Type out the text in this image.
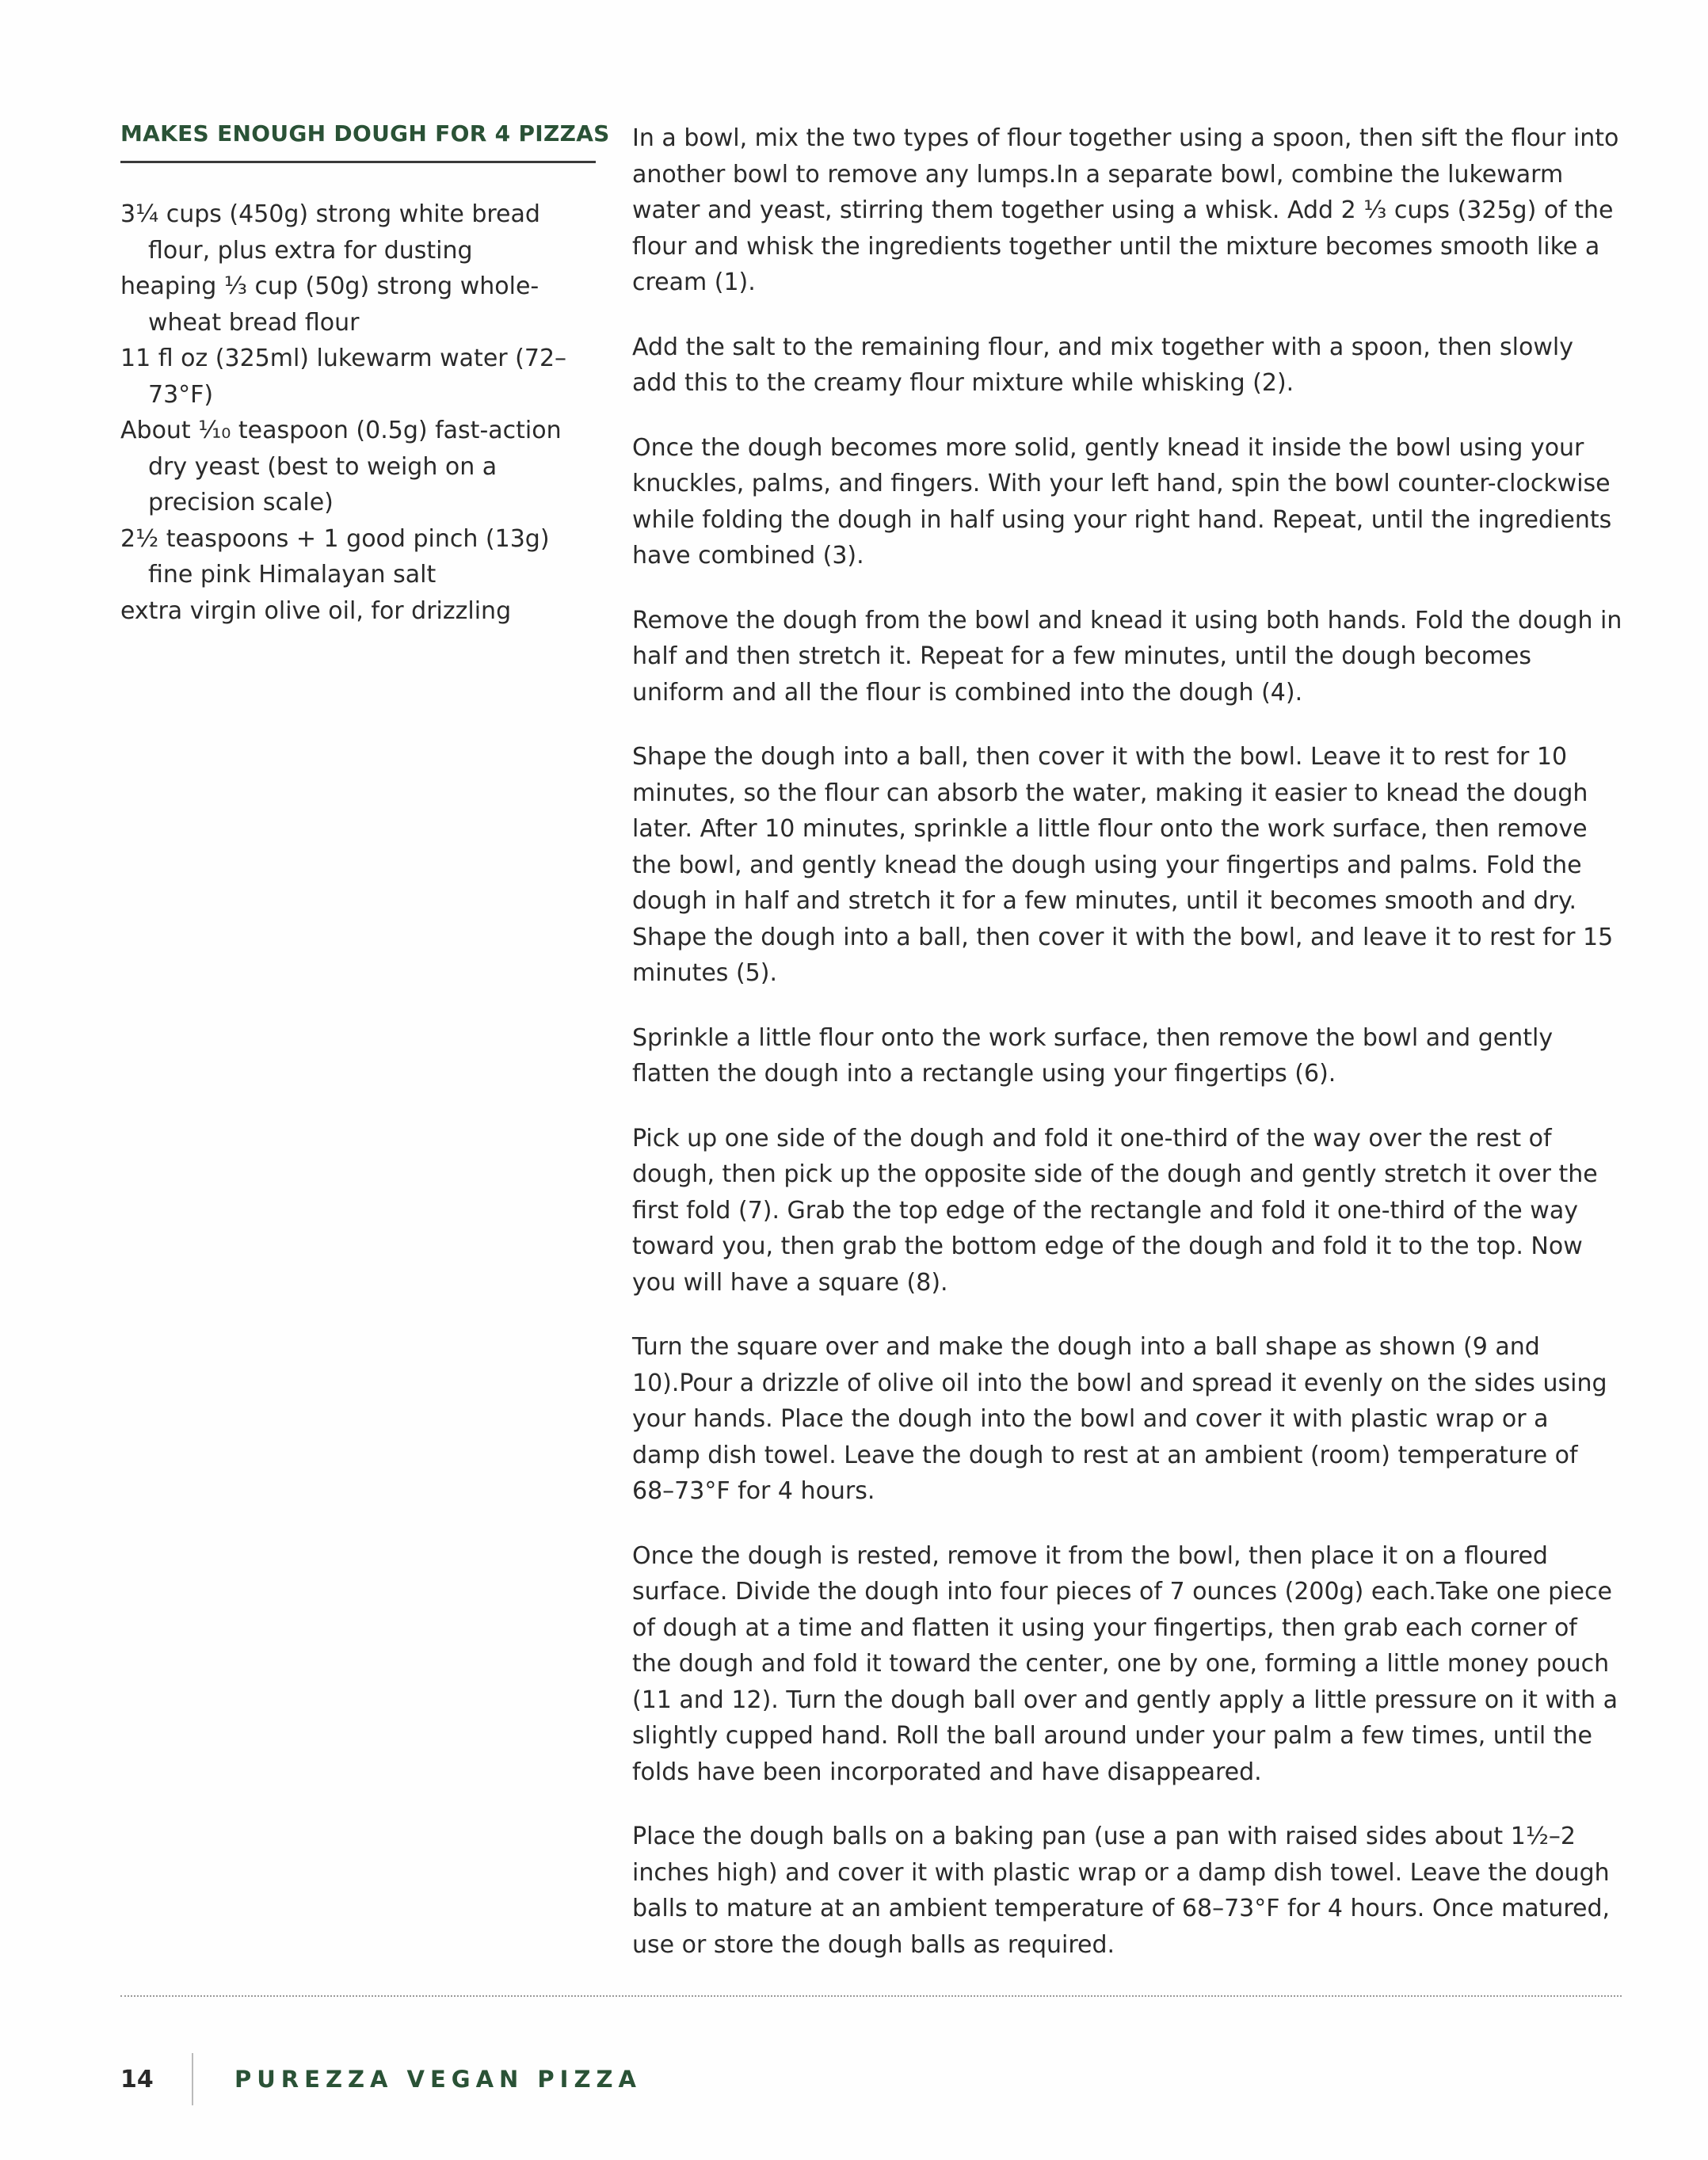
MAKES ENOUGH DOUGH FOR 4 PIZZAS
3¼ cups (450g) strong white bread flour, plus extra for dusting
heaping ⅓ cup (50g) strong whole-wheat bread flour
11 fl oz (325ml) lukewarm water (72–73°F)
About ⅒ teaspoon (0.5g) fast-action dry yeast (best to weigh on a precision scale)
2½ teaspoons + 1 good pinch (13g) fine pink Himalayan salt
extra virgin olive oil, for drizzling

In a bowl, mix the two types of flour together using a spoon, then sift the flour into another bowl to remove any lumps.In a separate bowl, combine the lukewarm water and yeast, stirring them together using a whisk. Add 2 ⅓ cups (325g) of the flour and whisk the ingredients together until the mixture becomes smooth like a cream (1).

Add the salt to the remaining flour, and mix together with a spoon, then slowly add this to the creamy flour mixture while whisking (2).

Once the dough becomes more solid, gently knead it inside the bowl using your knuckles, palms, and fingers. With your left hand, spin the bowl counter-clockwise while folding the dough in half using your right hand. Repeat, until the ingredients have combined (3).

Remove the dough from the bowl and knead it using both hands. Fold the dough in half and then stretch it. Repeat for a few minutes, until the dough becomes uniform and all the flour is combined into the dough (4).

Shape the dough into a ball, then cover it with the bowl. Leave it to rest for 10 minutes, so the flour can absorb the water, making it easier to knead the dough later. After 10 minutes, sprinkle a little flour onto the work surface, then remove the bowl, and gently knead the dough using your fingertips and palms. Fold the dough in half and stretch it for a few minutes, until it becomes smooth and dry. Shape the dough into a ball, then cover it with the bowl, and leave it to rest for 15 minutes (5).

Sprinkle a little flour onto the work surface, then remove the bowl and gently flatten the dough into a rectangle using your fingertips (6).

Pick up one side of the dough and fold it one-third of the way over the rest of dough, then pick up the opposite side of the dough and gently stretch it over the first fold (7). Grab the top edge of the rectangle and fold it one-third of the way toward you, then grab the bottom edge of the dough and fold it to the top. Now you will have a square (8).

Turn the square over and make the dough into a ball shape as shown (9 and 10).Pour a drizzle of olive oil into the bowl and spread it evenly on the sides using your hands. Place the dough into the bowl and cover it with plastic wrap or a damp dish towel. Leave the dough to rest at an ambient (room) temperature of 68–73°F for 4 hours.

Once the dough is rested, remove it from the bowl, then place it on a floured surface. Divide the dough into four pieces of 7 ounces (200g) each.Take one piece of dough at a time and flatten it using your fingertips, then grab each corner of the dough and fold it toward the center, one by one, forming a little money pouch (11 and 12). Turn the dough ball over and gently apply a little pressure on it with a slightly cupped hand. Roll the ball around under your palm a few times, until the folds have been incorporated and have disappeared.

Place the dough balls on a baking pan (use a pan with raised sides about 1½–2 inches high) and cover it with plastic wrap or a damp dish towel. Leave the dough balls to mature at an ambient temperature of 68–73°F for 4 hours. Once matured, use or store the dough balls as required.

14	PUREZZA VEGAN PIZZA
